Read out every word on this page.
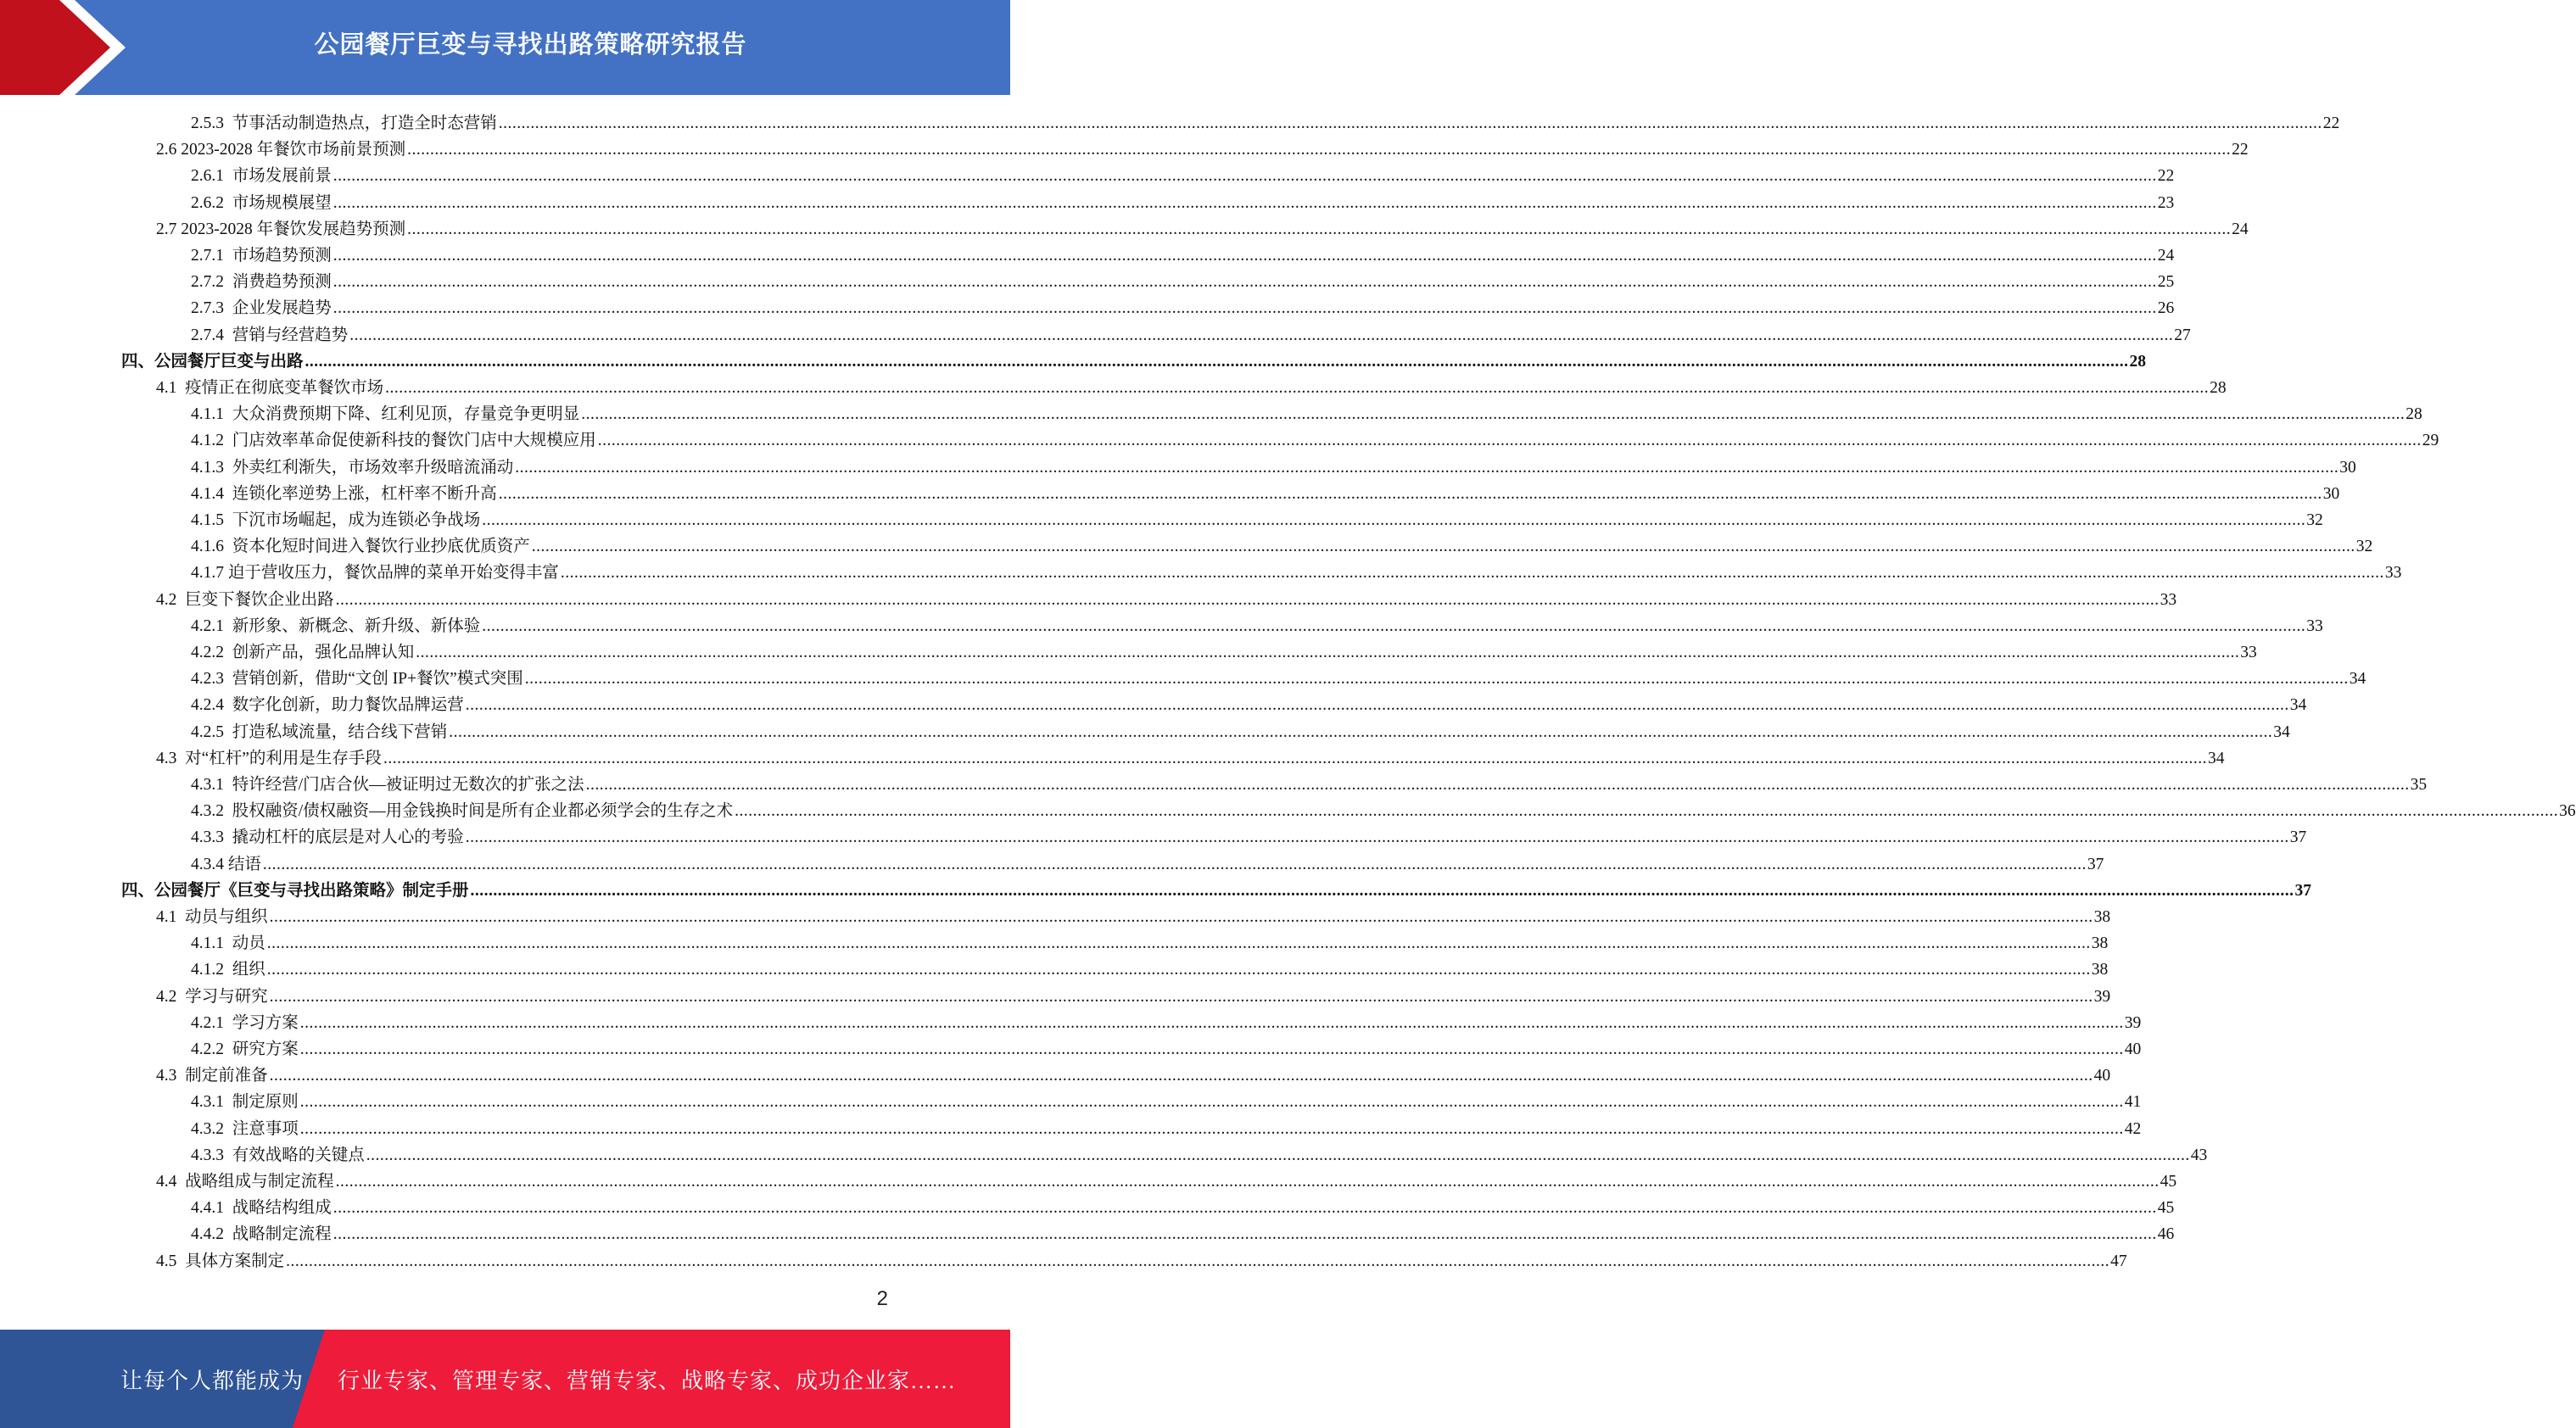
公园餐厅巨变与寻找出路策略研究报告
2.5.3  节事活动制造热点，打造全时态营销 ................................................................................................................................................................................................................................................................................................................................................................................................................ 22
2.6 2023-2028 年餐饮市场前景预测 ................................................................................................................................................................................................................................................................................................................................................................................................................ 22
2.6.1  市场发展前景 ................................................................................................................................................................................................................................................................................................................................................................................................................ 22
2.6.2  市场规模展望 ................................................................................................................................................................................................................................................................................................................................................................................................................ 23
2.7 2023-2028 年餐饮发展趋势预测 ................................................................................................................................................................................................................................................................................................................................................................................................................ 24
2.7.1  市场趋势预测 ................................................................................................................................................................................................................................................................................................................................................................................................................ 24
2.7.2  消费趋势预测 ................................................................................................................................................................................................................................................................................................................................................................................................................ 25
2.7.3  企业发展趋势 ................................................................................................................................................................................................................................................................................................................................................................................................................ 26
2.7.4  营销与经营趋势 ................................................................................................................................................................................................................................................................................................................................................................................................................ 27
四、公园餐厅巨变与出路 ................................................................................................................................................................................................................................................................................................................................................................................................................ 28
4.1  疫情正在彻底变革餐饮市场 ................................................................................................................................................................................................................................................................................................................................................................................................................ 28
4.1.1  大众消费预期下降、红利见顶，存量竞争更明显 ................................................................................................................................................................................................................................................................................................................................................................................................................ 28
4.1.2  门店效率革命促使新科技的餐饮门店中大规模应用 ................................................................................................................................................................................................................................................................................................................................................................................................................ 29
4.1.3  外卖红利渐失，市场效率升级暗流涌动 ................................................................................................................................................................................................................................................................................................................................................................................................................ 30
4.1.4  连锁化率逆势上涨，杠杆率不断升高 ................................................................................................................................................................................................................................................................................................................................................................................................................ 30
4.1.5  下沉市场崛起，成为连锁必争战场 ................................................................................................................................................................................................................................................................................................................................................................................................................ 32
4.1.6  资本化短时间进入餐饮行业抄底优质资产 ................................................................................................................................................................................................................................................................................................................................................................................................................ 32
4.1.7 迫于营收压力，餐饮品牌的菜单开始变得丰富 ................................................................................................................................................................................................................................................................................................................................................................................................................ 33
4.2  巨变下餐饮企业出路 ................................................................................................................................................................................................................................................................................................................................................................................................................ 33
4.2.1  新形象、新概念、新升级、新体验 ................................................................................................................................................................................................................................................................................................................................................................................................................ 33
4.2.2  创新产品，强化品牌认知 ................................................................................................................................................................................................................................................................................................................................................................................................................ 33
4.2.3  营销创新，借助“文创 IP+餐饮”模式突围 ................................................................................................................................................................................................................................................................................................................................................................................................................ 34
4.2.4  数字化创新，助力餐饮品牌运营 ................................................................................................................................................................................................................................................................................................................................................................................................................ 34
4.2.5  打造私域流量，结合线下营销 ................................................................................................................................................................................................................................................................................................................................................................................................................ 34
4.3  对“杠杆”的利用是生存手段 ................................................................................................................................................................................................................................................................................................................................................................................................................ 34
4.3.1  特许经营/门店合伙—被证明过无数次的扩张之法 ................................................................................................................................................................................................................................................................................................................................................................................................................ 35
4.3.2  股权融资/债权融资—用金钱换时间是所有企业都必须学会的生存之术 ................................................................................................................................................................................................................................................................................................................................................................................................................ 36
4.3.3  撬动杠杆的底层是对人心的考验 ................................................................................................................................................................................................................................................................................................................................................................................................................ 37
4.3.4 结语 ................................................................................................................................................................................................................................................................................................................................................................................................................ 37
四、公园餐厅《巨变与寻找出路策略》制定手册 ................................................................................................................................................................................................................................................................................................................................................................................................................ 37
4.1  动员与组织 ................................................................................................................................................................................................................................................................................................................................................................................................................ 38
4.1.1  动员 ................................................................................................................................................................................................................................................................................................................................................................................................................ 38
4.1.2  组织 ................................................................................................................................................................................................................................................................................................................................................................................................................ 38
4.2  学习与研究 ................................................................................................................................................................................................................................................................................................................................................................................................................ 39
4.2.1  学习方案 ................................................................................................................................................................................................................................................................................................................................................................................................................ 39
4.2.2  研究方案 ................................................................................................................................................................................................................................................................................................................................................................................................................ 40
4.3  制定前准备 ................................................................................................................................................................................................................................................................................................................................................................................................................ 40
4.3.1  制定原则 ................................................................................................................................................................................................................................................................................................................................................................................................................ 41
4.3.2  注意事项 ................................................................................................................................................................................................................................................................................................................................................................................................................ 42
4.3.3  有效战略的关键点 ................................................................................................................................................................................................................................................................................................................................................................................................................ 43
4.4  战略组成与制定流程 ................................................................................................................................................................................................................................................................................................................................................................................................................ 45
4.4.1  战略结构组成 ................................................................................................................................................................................................................................................................................................................................................................................................................ 45
4.4.2  战略制定流程 ................................................................................................................................................................................................................................................................................................................................................................................................................ 46
4.5  具体方案制定 ................................................................................................................................................................................................................................................................................................................................................................................................................ 47
2
让每个人都能成为 行业专家、管理专家、营销专家、战略专家、成功企业家……
